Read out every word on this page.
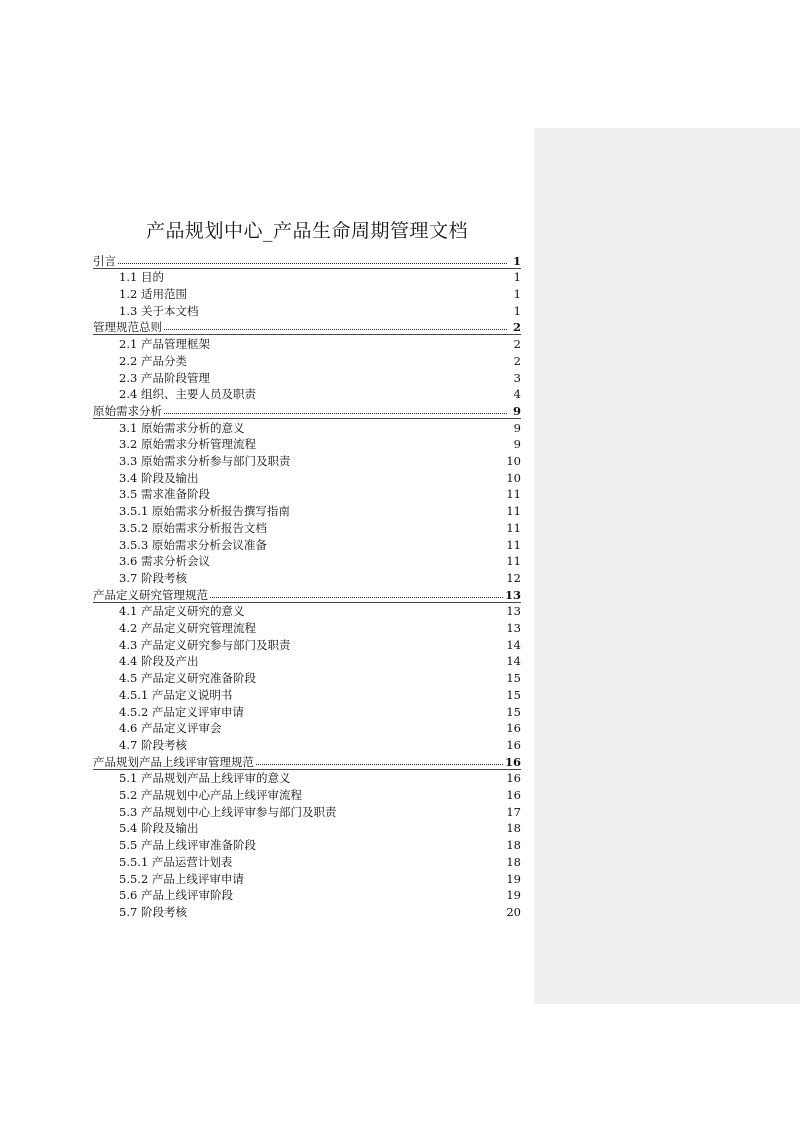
产品规划中心_产品生命周期管理文档
引言	1
1.1 目的	1
1.2 适用范围	1
1.3 关于本文档	1
管理规范总则	2
2.1 产品管理框架	2
2.2 产品分类	2
2.3 产品阶段管理	3
2.4 组织、主要人员及职责	4
原始需求分析	9
3.1 原始需求分析的意义	9
3.2 原始需求分析管理流程	9
3.3 原始需求分析参与部门及职责	10
3.4 阶段及输出	10
3.5 需求准备阶段	11
3.5.1 原始需求分析报告撰写指南	11
3.5.2 原始需求分析报告文档	11
3.5.3 原始需求分析会议准备	11
3.6 需求分析会议	11
3.7 阶段考核	12
产品定义研究管理规范	13
4.1 产品定义研究的意义	13
4.2 产品定义研究管理流程	13
4.3 产品定义研究参与部门及职责	14
4.4 阶段及产出	14
4.5 产品定义研究准备阶段	15
4.5.1 产品定义说明书	15
4.5.2 产品定义评审申请	15
4.6 产品定义评审会	16
4.7 阶段考核	16
产品规划产品上线评审管理规范	16
5.1 产品规划产品上线评审的意义	16
5.2 产品规划中心产品上线评审流程	16
5.3 产品规划中心上线评审参与部门及职责	17
5.4 阶段及输出	18
5.5 产品上线评审准备阶段	18
5.5.1 产品运营计划表	18
5.5.2 产品上线评审申请	19
5.6 产品上线评审阶段	19
5.7 阶段考核	20
